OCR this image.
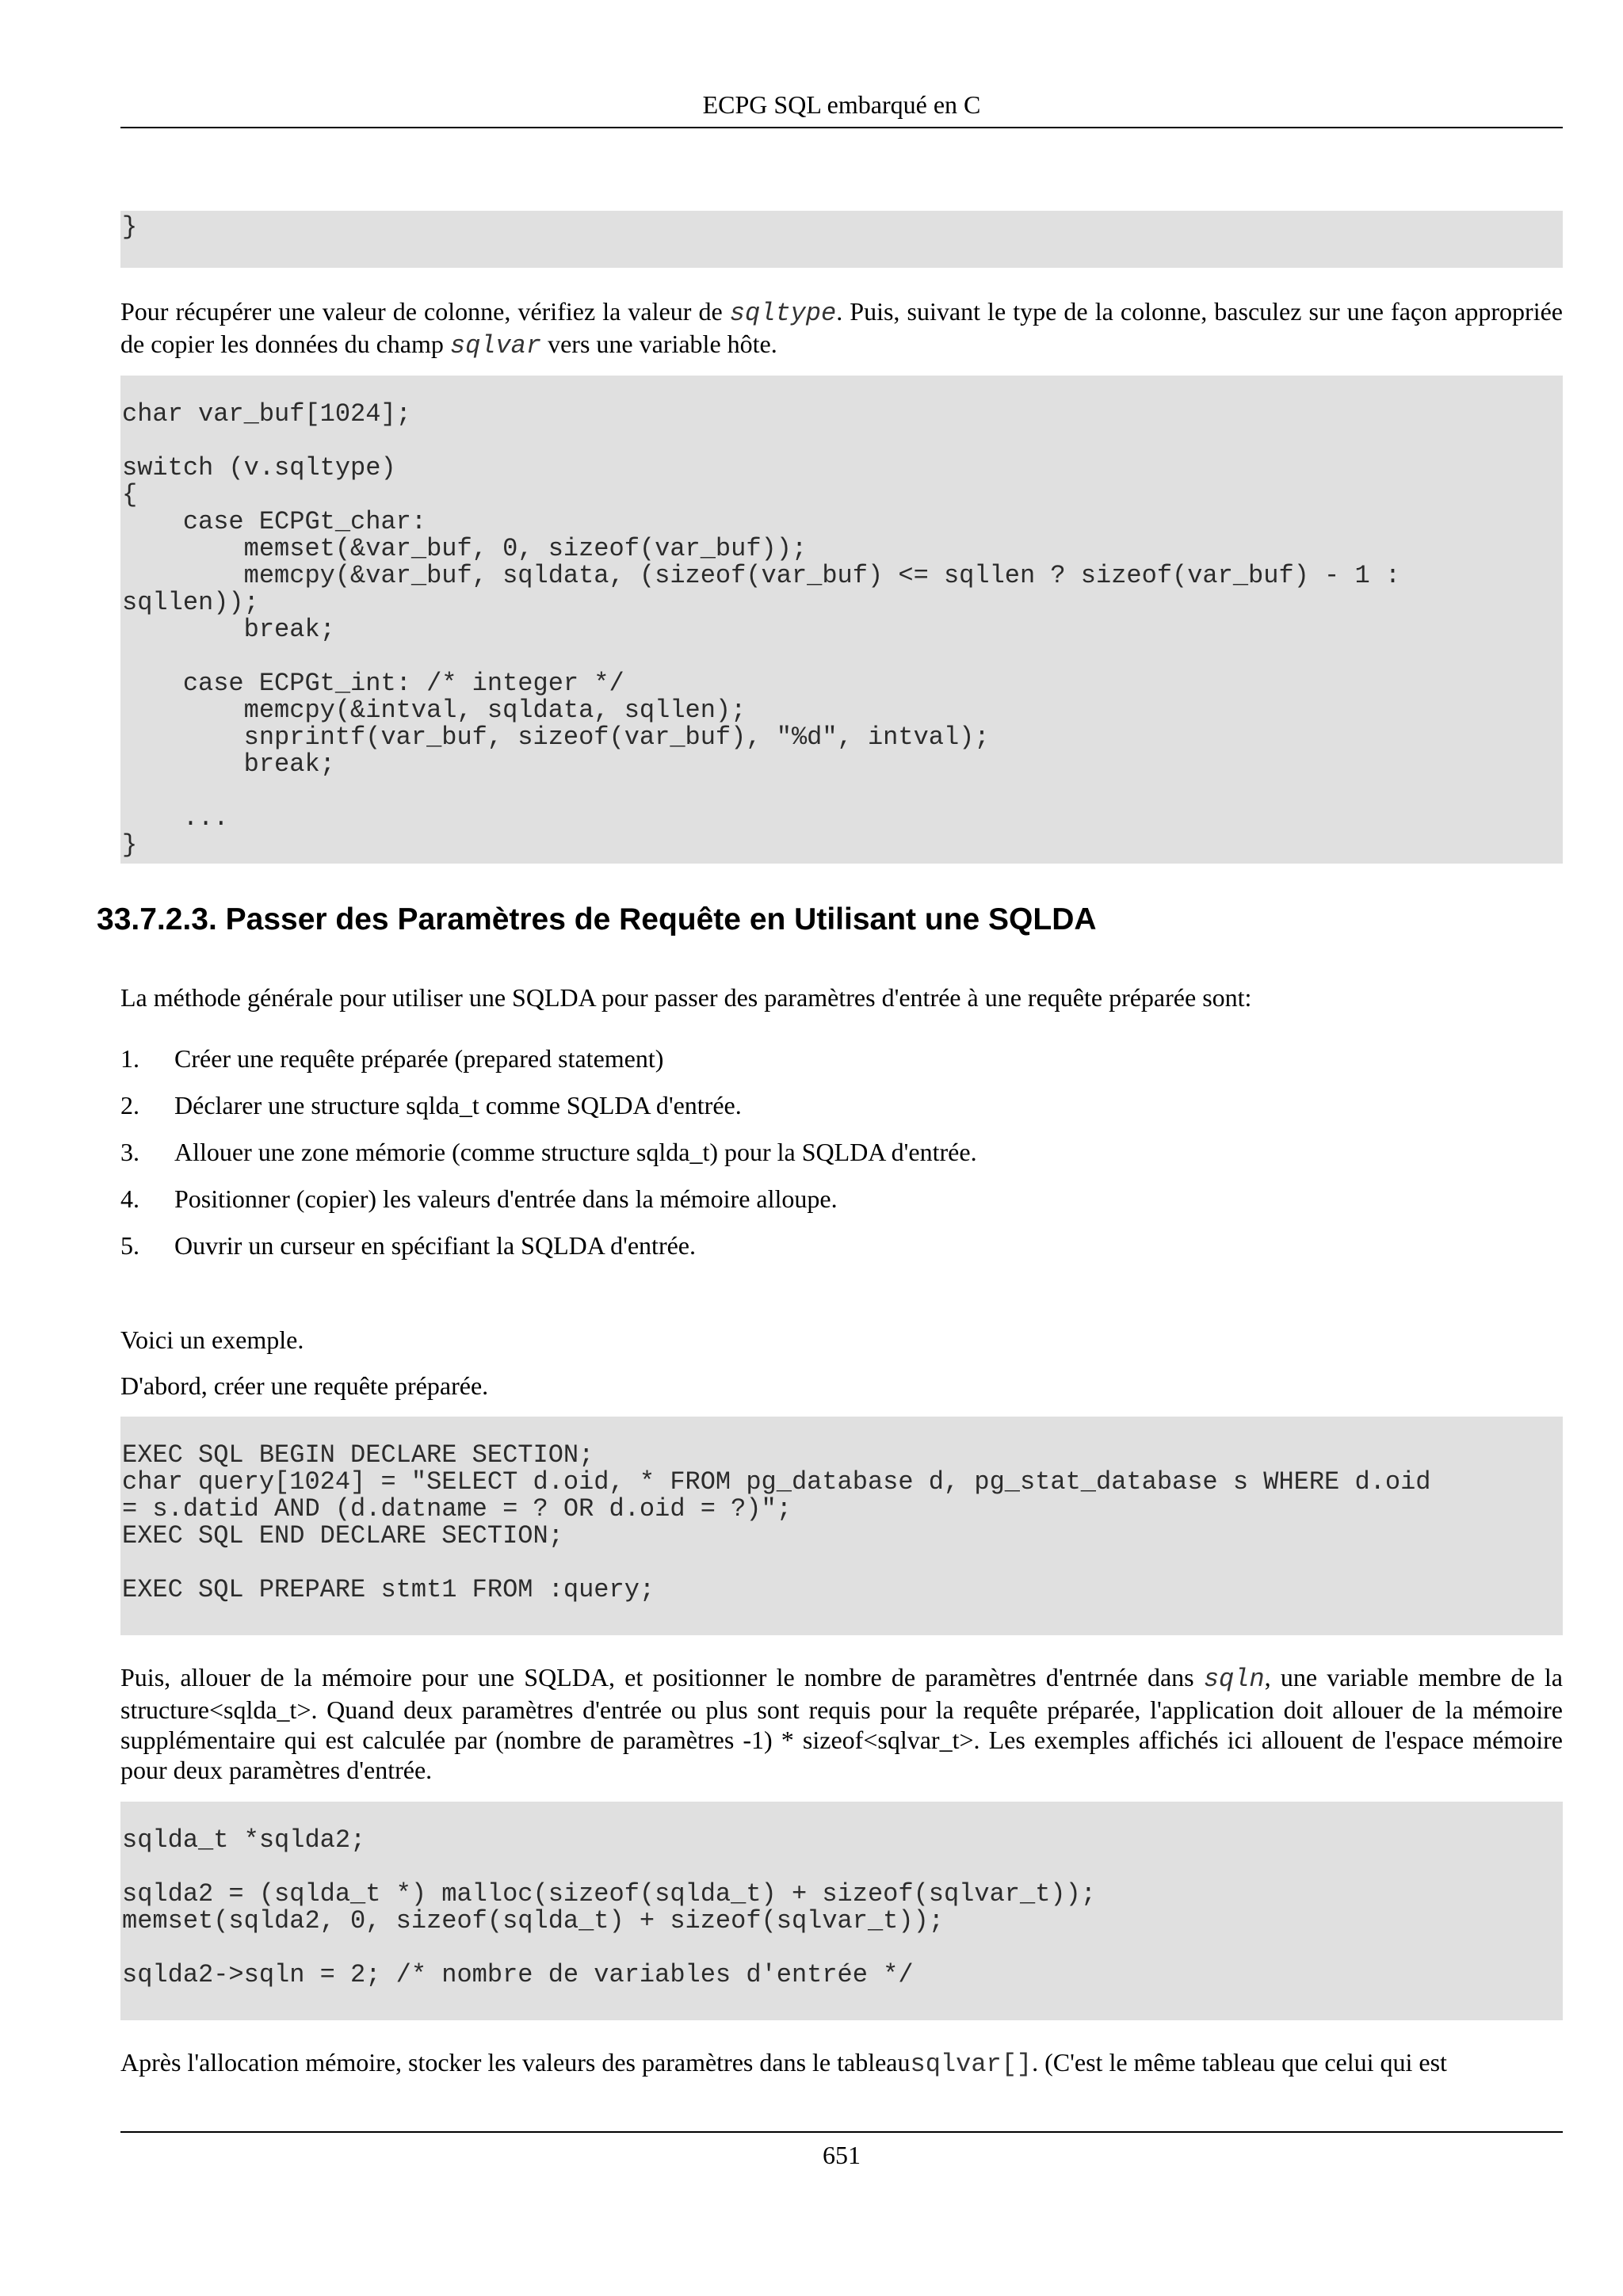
ECPG SQL embarqué en C
}

Pour récupérer une valeur de colonne, vérifiez la valeur de sqltype. Puis, suivant le type de la colonne, basculez sur une façon appropriée de copier les données du champ sqlvar vers une variable hôte.

char var_buf[1024];

switch (v.sqltype)
{
case ECPGt_char:
memset(&var_buf, 0, sizeof(var_buf));
memcpy(&var_buf, sqldata, (sizeof(var_buf) <= sqllen ? sizeof(var_buf) - 1 :
sqllen));
break;

case ECPGt_int: /* integer */
memcpy(&intval, sqldata, sqllen);
snprintf(var_buf, sizeof(var_buf), "%d", intval);
break;

...
}
33.7.2.3. Passer des Paramètres de Requête en Utilisant une SQLDA

La méthode générale pour utiliser une SQLDA pour passer des paramètres d'entrée à une requête préparée sont:

1. Créer une requête préparée (prepared statement)
2. Déclarer une structure sqlda_t comme SQLDA d'entrée.
3. Allouer une zone mémorie (comme structure sqlda_t) pour la SQLDA d'entrée.
4. Positionner (copier) les valeurs d'entrée dans la mémoire alloupe.
5. Ouvrir un curseur en spécifiant la SQLDA d'entrée.

Voici un exemple.

D'abord, créer une requête préparée.

EXEC SQL BEGIN DECLARE SECTION;
char query[1024] = "SELECT d.oid, * FROM pg_database d, pg_stat_database s WHERE d.oid
= s.datid AND (d.datname = ? OR d.oid = ?)";
EXEC SQL END DECLARE SECTION;

EXEC SQL PREPARE stmt1 FROM :query;

Puis, allouer de la mémoire pour une SQLDA, et positionner le nombre de paramètres d'entrnée dans sqln, une variable membre de la structure<sqlda_t>. Quand deux paramètres d'entrée ou plus sont requis pour la requête préparée, l'application doit allouer de la mémoire supplémentaire qui est calculée par (nombre de paramètres -1) * sizeof<sqlvar_t>. Les exemples affichés ici allouent de l'espace mémoire pour deux paramètres d'entrée.

sqlda_t *sqlda2;

sqlda2 = (sqlda_t *) malloc(sizeof(sqlda_t) + sizeof(sqlvar_t));
memset(sqlda2, 0, sizeof(sqlda_t) + sizeof(sqlvar_t));

sqlda2->sqln = 2; /* nombre de variables d'entrée */

Après l'allocation mémoire, stocker les valeurs des paramètres dans le tableausqlvar[]. (C'est le même tableau que celui qui est

651
